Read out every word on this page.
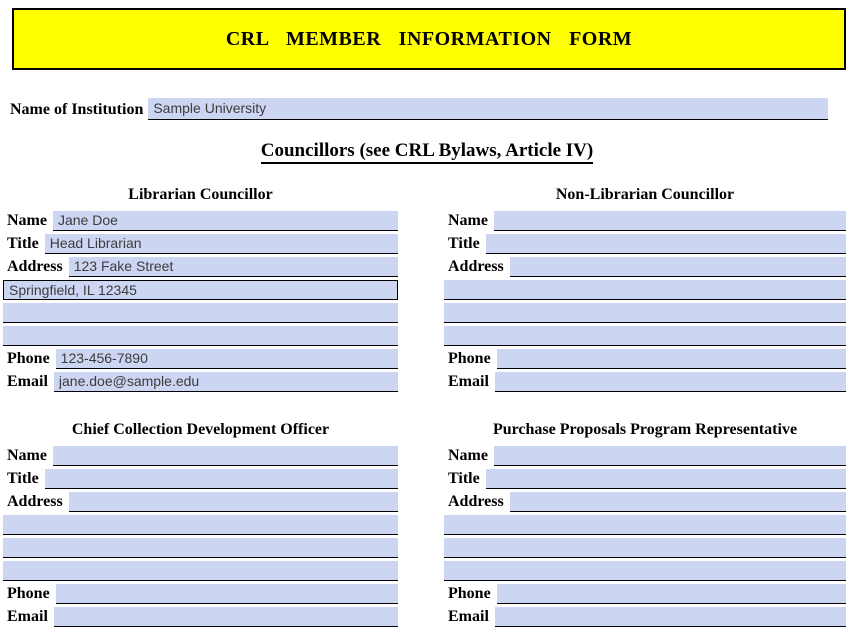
CRL MEMBER INFORMATION FORM
Name of Institution
Sample University
Councillors (see CRL Bylaws, Article IV)
Librarian Councillor
Name
Jane Doe
Title
Head Librarian
Address
123 Fake Street
Springfield, IL 12345
Phone
123-456-7890
Email
jane.doe@sample.edu
Non-Librarian Councillor
Name
Title
Address
Phone
Email
Chief Collection Development Officer
Name
Title
Address
Phone
Email
Purchase Proposals Program Representative
Name
Title
Address
Phone
Email
